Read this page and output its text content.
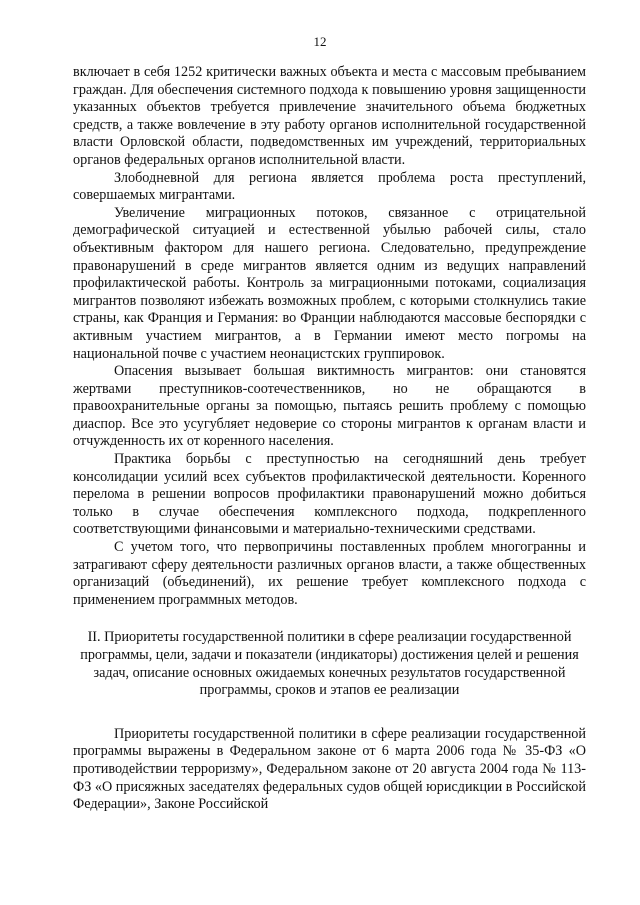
12

включает в себя 1252 критически важных объекта и места с массовым пребыванием граждан. Для обеспечения системного подхода к повышению уровня защищенности указанных объектов требуется привлечение значительного объема бюджетных средств, а также вовлечение в эту работу органов исполнительной государственной власти Орловской области, подведомственных им учреждений, территориальных органов федеральных органов исполнительной власти.

Злободневной для региона является проблема роста преступлений, совершаемых мигрантами.

Увеличение миграционных потоков, связанное с отрицательной демографической ситуацией и естественной убылью рабочей силы, стало объективным фактором для нашего региона. Следовательно, предупреждение правонарушений в среде мигрантов является одним из ведущих направлений профилактической работы. Контроль за миграционными потоками, социализация мигрантов позволяют избежать возможных проблем, с которыми столкнулись такие страны, как Франция и Германия: во Франции наблюдаются массовые беспорядки с активным участием мигрантов, а в Германии имеют место погромы на национальной почве с участием неонацистских группировок.

Опасения вызывает большая виктимность мигрантов: они становятся жертвами преступников-соотечественников, но не обращаются в правоохранительные органы за помощью, пытаясь решить проблему с помощью диаспор. Все это усугубляет недоверие со стороны мигрантов к органам власти и отчужденность их от коренного населения.

Практика борьбы с преступностью на сегодняшний день требует консолидации усилий всех субъектов профилактической деятельности. Коренного перелома в решении вопросов профилактики правонарушений можно добиться только в случае обеспечения комплексного подхода, подкрепленного соответствующими финансовыми и материально-техническими средствами.

С учетом того, что первопричины поставленных проблем многогранны и затрагивают сферу деятельности различных органов власти, а также общественных организаций (объединений), их решение требует комплексного подхода с применением программных методов.

II. Приоритеты государственной политики в сфере реализации государственной программы, цели, задачи и показатели (индикаторы) достижения целей и решения задач, описание основных ожидаемых конечных результатов государственной программы, сроков и этапов ее реализации

Приоритеты государственной политики в сфере реализации государственной программы выражены в Федеральном законе от 6 марта 2006 года № 35-ФЗ «О противодействии терроризму», Федеральном законе от 20 августа 2004 года № 113-ФЗ «О присяжных заседателях федеральных судов общей юрисдикции в Российской Федерации», Законе Российской
